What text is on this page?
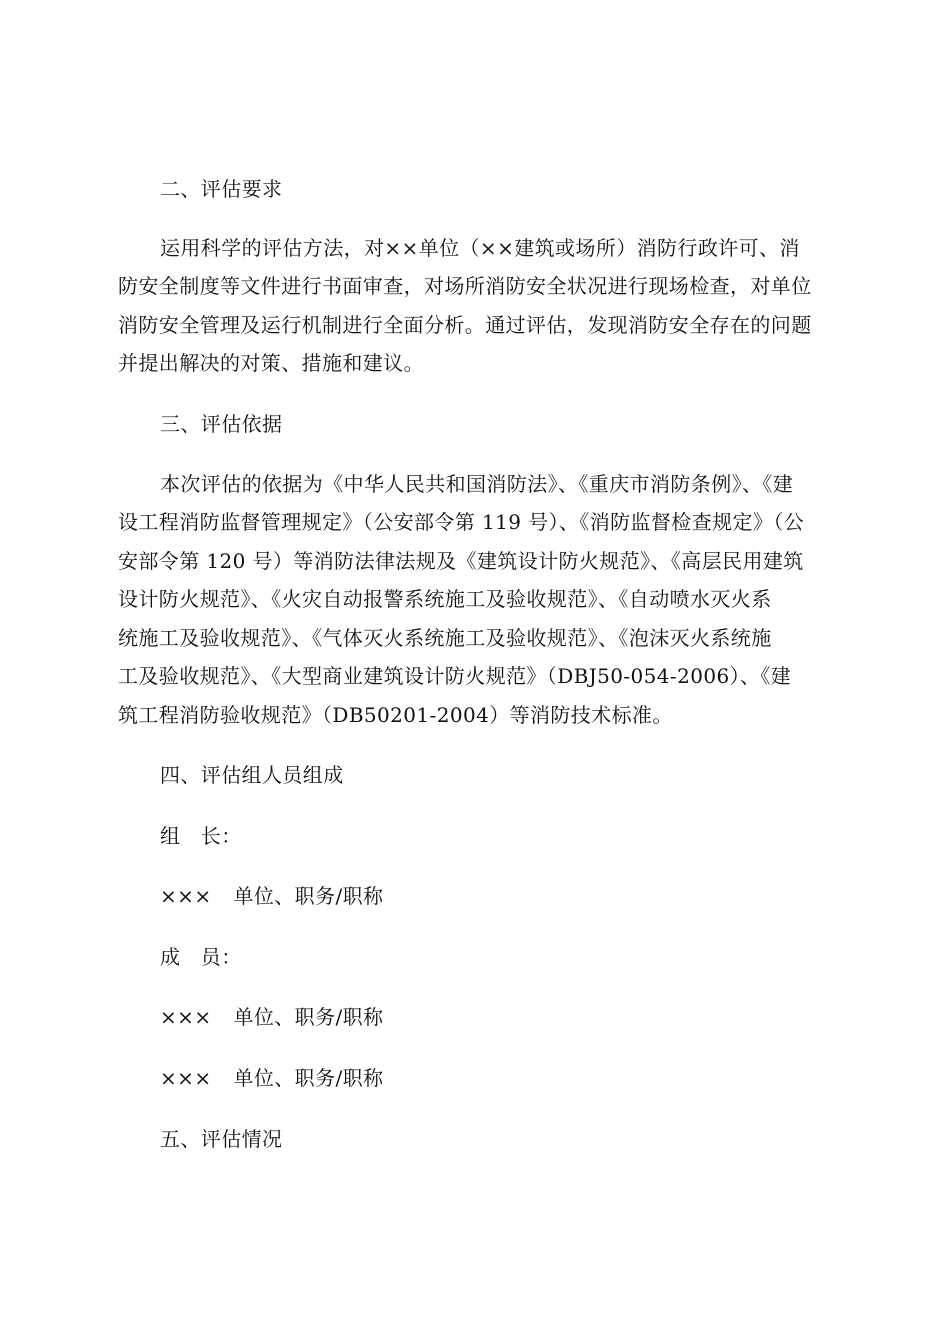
二、评估要求
运用科学的评估方法，对××单位（××建筑或场所）消防行政许可、消
防安全制度等文件进行书面审查，对场所消防安全状况进行现场检查，对单位
消防安全管理及运行机制进行全面分析。通过评估，发现消防安全存在的问题
并提出解决的对策、措施和建议。
三、评估依据
本次评估的依据为《中华人民共和国消防法》、《重庆市消防条例》、《建
设工程消防监督管理规定》（公安部令第 119 号）、《消防监督检查规定》（公
安部令第 120 号）等消防法律法规及《建筑设计防火规范》、《高层民用建筑
设计防火规范》、《火灾自动报警系统施工及验收规范》、《自动喷水灭火系
统施工及验收规范》、《气体灭火系统施工及验收规范》、《泡沫灭火系统施
工及验收规范》、《大型商业建筑设计防火规范》（DBJ50-054-2006）、《建
筑工程消防验收规范》（DB50201-2004）等消防技术标准。
四、评估组人员组成
组　长：
××× 单位、职务/职称
成　员：
××× 单位、职务/职称
××× 单位、职务/职称
五、评估情况
